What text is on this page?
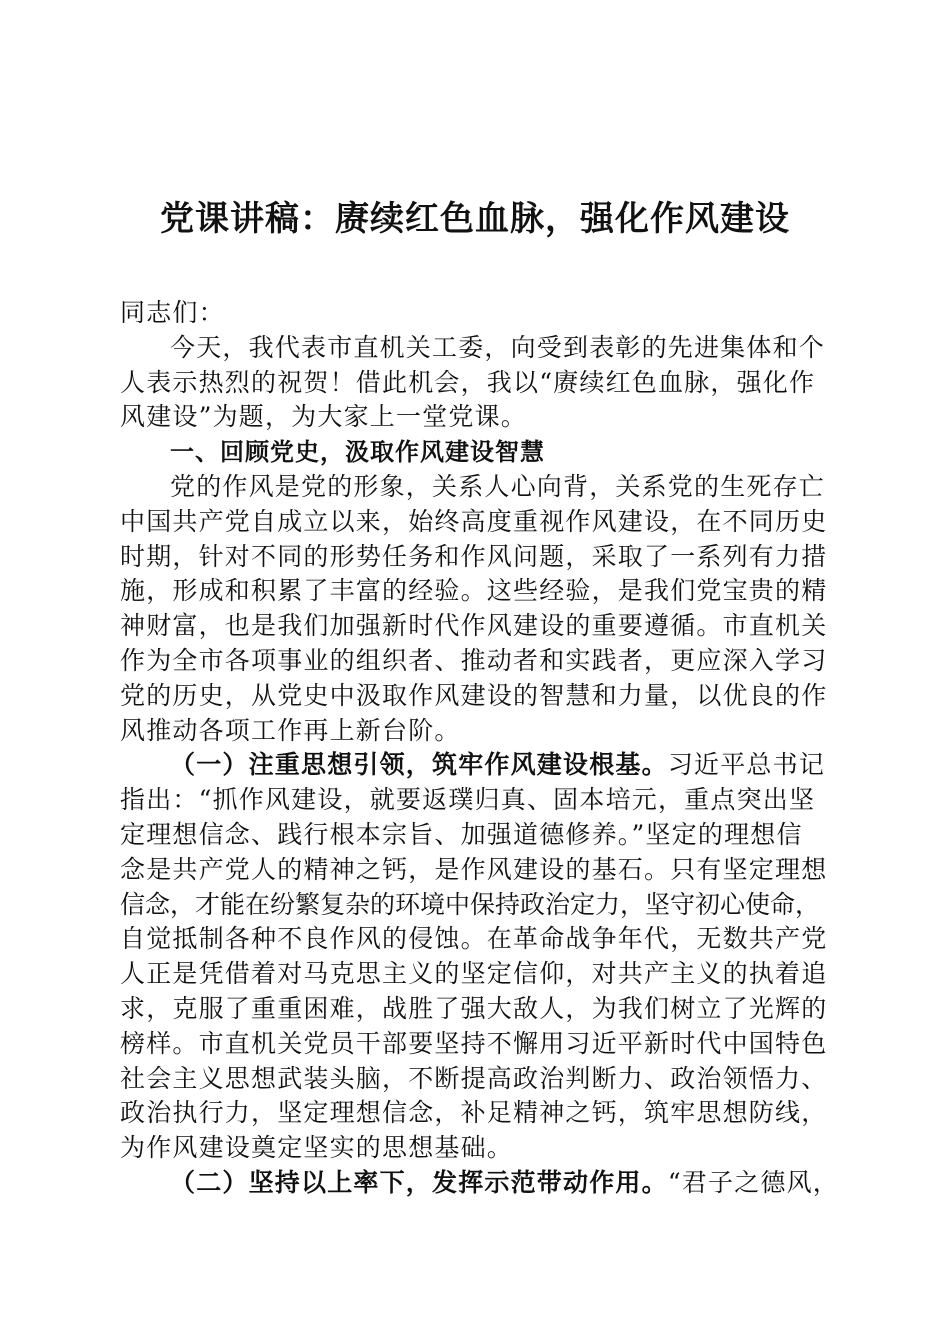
党课讲稿：赓续红色血脉，强化作风建设
同志们：
今天，我代表市直机关工委，向受到表彰的先进集体和个
人表示热烈的祝贺！借此机会，我以“赓续红色血脉，强化作
风建设”为题，为大家上一堂党课。
一、回顾党史，汲取作风建设智慧
党的作风是党的形象，关系人心向背，关系党的生死存亡
中国共产党自成立以来，始终高度重视作风建设，在不同历史
时期，针对不同的形势任务和作风问题，采取了一系列有力措
施，形成和积累了丰富的经验。这些经验，是我们党宝贵的精
神财富，也是我们加强新时代作风建设的重要遵循。市直机关
作为全市各项事业的组织者、推动者和实践者，更应深入学习
党的历史，从党史中汲取作风建设的智慧和力量，以优良的作
风推动各项工作再上新台阶。
（一）注重思想引领，筑牢作风建设根基。习近平总书记
指出：“抓作风建设，就要返璞归真、固本培元，重点突出坚
定理想信念、践行根本宗旨、加强道德修养。”坚定的理想信
念是共产党人的精神之钙，是作风建设的基石。只有坚定理想
信念，才能在纷繁复杂的环境中保持政治定力，坚守初心使命，
自觉抵制各种不良作风的侵蚀。在革命战争年代，无数共产党
人正是凭借着对马克思主义的坚定信仰，对共产主义的执着追
求，克服了重重困难，战胜了强大敌人，为我们树立了光辉的
榜样。市直机关党员干部要坚持不懈用习近平新时代中国特色
社会主义思想武装头脑，不断提高政治判断力、政治领悟力、
政治执行力，坚定理想信念，补足精神之钙，筑牢思想防线，
为作风建设奠定坚实的思想基础。
（二）坚持以上率下，发挥示范带动作用。“君子之德风，
